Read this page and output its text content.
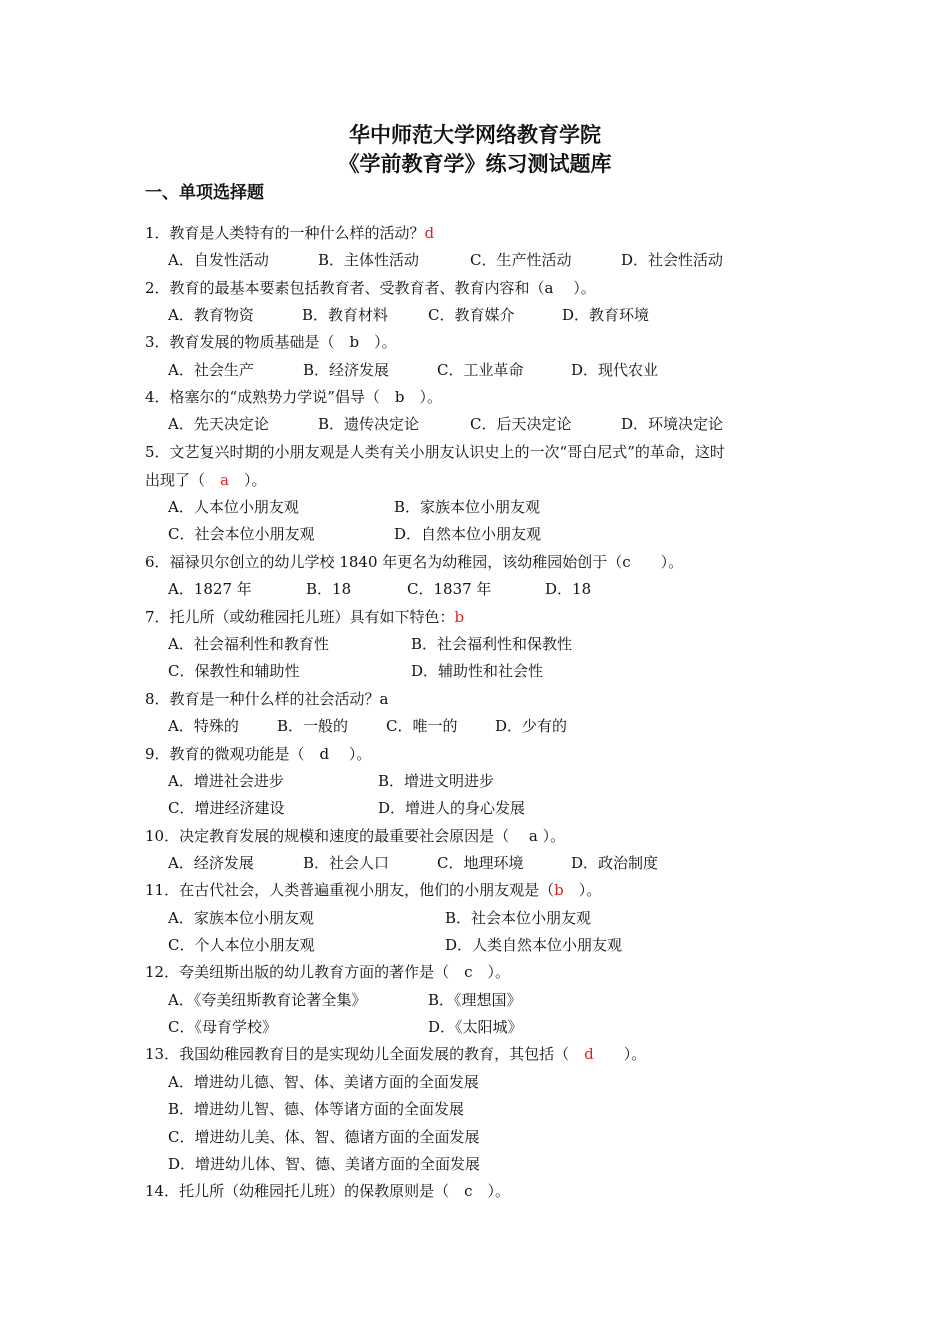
华中师范大学网络教育学院
《学前教育学》练习测试题库
一、单项选择题
1．教育是人类特有的一种什么样的活动？d
A．自发性活动	B．主体性活动	C．生产性活动	D．社会性活动
2．教育的最基本要素包括教育者、受教育者、教育内容和（a　 ）。
A．教育物资	B．教育材料	C．教育媒介	D．教育环境
3．教育发展的物质基础是（　b　）。
A．社会生产	B．经济发展	C．工业革命	D．现代农业
4．格塞尔的“成熟势力学说”倡导（　b　）。
A．先天决定论	B．遗传决定论	C．后天决定论	D．环境决定论
5．文艺复兴时期的小朋友观是人类有关小朋友认识史上的一次“哥白尼式”的革命，这时
出现了（　a　）。
A．人本位小朋友观	B．家族本位小朋友观
C．社会本位小朋友观	D．自然本位小朋友观
6．福禄贝尔创立的幼儿学校 1840 年更名为幼稚园，该幼稚园始创于（c　　）。
A．1827 年	B．18	C．1837 年	D．18
7．托儿所（或幼稚园托儿班）具有如下特色：b
A．社会福利性和教育性	B．社会福利性和保教性
C．保教性和辅助性	D．辅助性和社会性
8．教育是一种什么样的社会活动？a
A．特殊的	B．一般的	C．唯一的	D．少有的
9．教育的微观功能是（　d　 ）。
A．增进社会进步	B．增进文明进步
C．增进经济建设	D．增进人的身心发展
10．决定教育发展的规模和速度的最重要社会原因是（　 a ）。
A．经济发展	B．社会人口	C．地理环境	D．政治制度
11．在古代社会，人类普遍重视小朋友，他们的小朋友观是（b　）。
A．家族本位小朋友观	B．社会本位小朋友观
C．个人本位小朋友观	D．人类自然本位小朋友观
12．夸美纽斯出版的幼儿教育方面的著作是（　c　）。
A．《夸美纽斯教育论著全集》	B．《理想国》
C．《母育学校》	D．《太阳城》
13．我国幼稚园教育目的是实现幼儿全面发展的教育，其包括（　d　　）。
A．增进幼儿德、智、体、美诸方面的全面发展
B．增进幼儿智、德、体等诸方面的全面发展
C．增进幼儿美、体、智、德诸方面的全面发展
D．增进幼儿体、智、德、美诸方面的全面发展
14．托儿所（幼稚园托儿班）的保教原则是（　c　）。
